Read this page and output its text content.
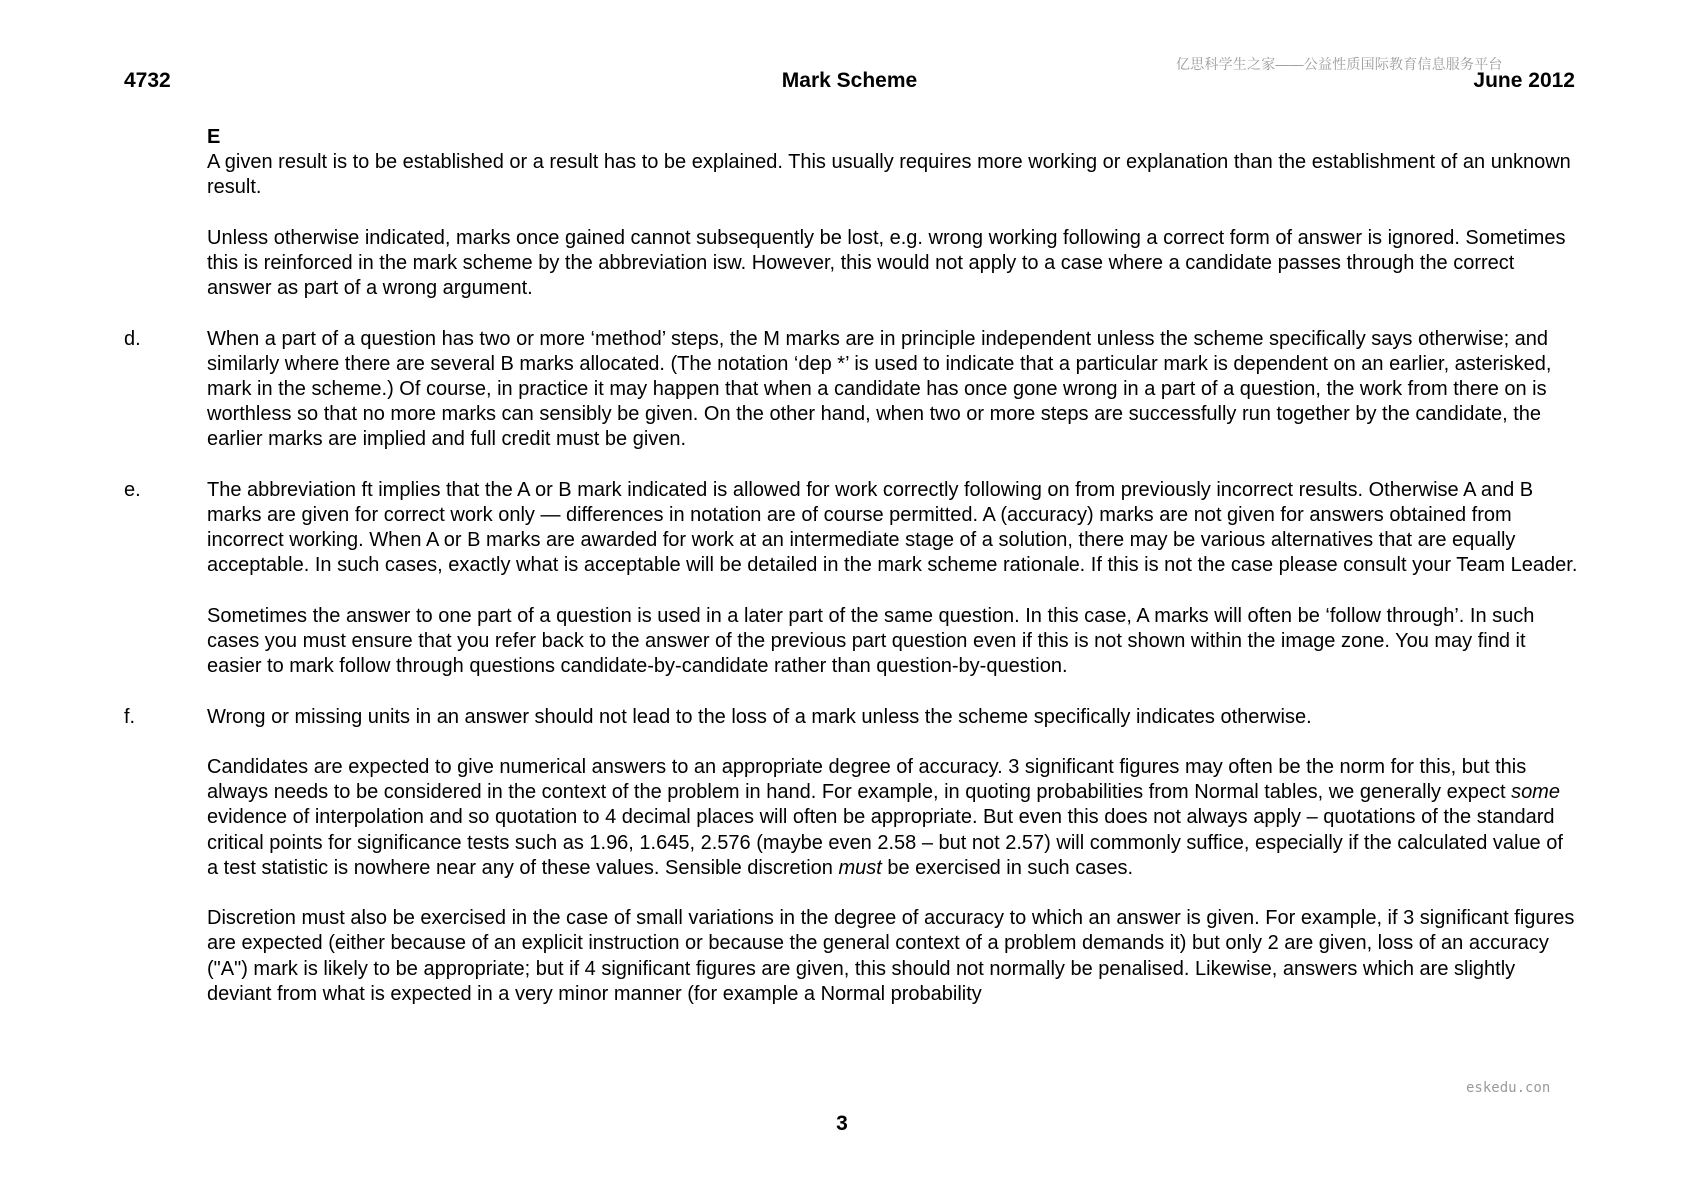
亿思科学生之家——公益性质国际教育信息服务平台
4732	Mark Scheme	June 2012

E

A given result is to be established or a result has to be explained. This usually requires more working or explanation than the establishment of an unknown result.

Unless otherwise indicated, marks once gained cannot subsequently be lost, e.g. wrong working following a correct form of answer is ignored. Sometimes this is reinforced in the mark scheme by the abbreviation isw. However, this would not apply to a case where a candidate passes through the correct answer as part of a wrong argument.

d.	When a part of a question has two or more ‘method’ steps, the M marks are in principle independent unless the scheme specifically says otherwise; and similarly where there are several B marks allocated. (The notation ‘dep *’ is used to indicate that a particular mark is dependent on an earlier, asterisked, mark in the scheme.) Of course, in practice it may happen that when a candidate has once gone wrong in a part of a question, the work from there on is worthless so that no more marks can sensibly be given. On the other hand, when two or more steps are successfully run together by the candidate, the earlier marks are implied and full credit must be given.

e.	The abbreviation ft implies that the A or B mark indicated is allowed for work correctly following on from previously incorrect results. Otherwise A and B marks are given for correct work only — differences in notation are of course permitted. A (accuracy) marks are not given for answers obtained from incorrect working. When A or B marks are awarded for work at an intermediate stage of a solution, there may be various alternatives that are equally acceptable. In such cases, exactly what is acceptable will be detailed in the mark scheme rationale. If this is not the case please consult your Team Leader.

Sometimes the answer to one part of a question is used in a later part of the same question. In this case, A marks will often be ‘follow through’. In such cases you must ensure that you refer back to the answer of the previous part question even if this is not shown within the image zone. You may find it easier to mark follow through questions candidate-by-candidate rather than question-by-question.

f.	Wrong or missing units in an answer should not lead to the loss of a mark unless the scheme specifically indicates otherwise.

Candidates are expected to give numerical answers to an appropriate degree of accuracy. 3 significant figures may often be the norm for this, but this always needs to be considered in the context of the problem in hand. For example, in quoting probabilities from Normal tables, we generally expect some evidence of interpolation and so quotation to 4 decimal places will often be appropriate. But even this does not always apply – quotations of the standard critical points for significance tests such as 1.96, 1.645, 2.576 (maybe even 2.58 – but not 2.57) will commonly suffice, especially if the calculated value of a test statistic is nowhere near any of these values. Sensible discretion must be exercised in such cases.

Discretion must also be exercised in the case of small variations in the degree of accuracy to which an answer is given. For example, if 3 significant figures are expected (either because of an explicit instruction or because the general context of a problem demands it) but only 2 are given, loss of an accuracy ("A") mark is likely to be appropriate; but if 4 significant figures are given, this should not normally be penalised. Likewise, answers which are slightly deviant from what is expected in a very minor manner (for example a Normal probability

eskedu.con
3
